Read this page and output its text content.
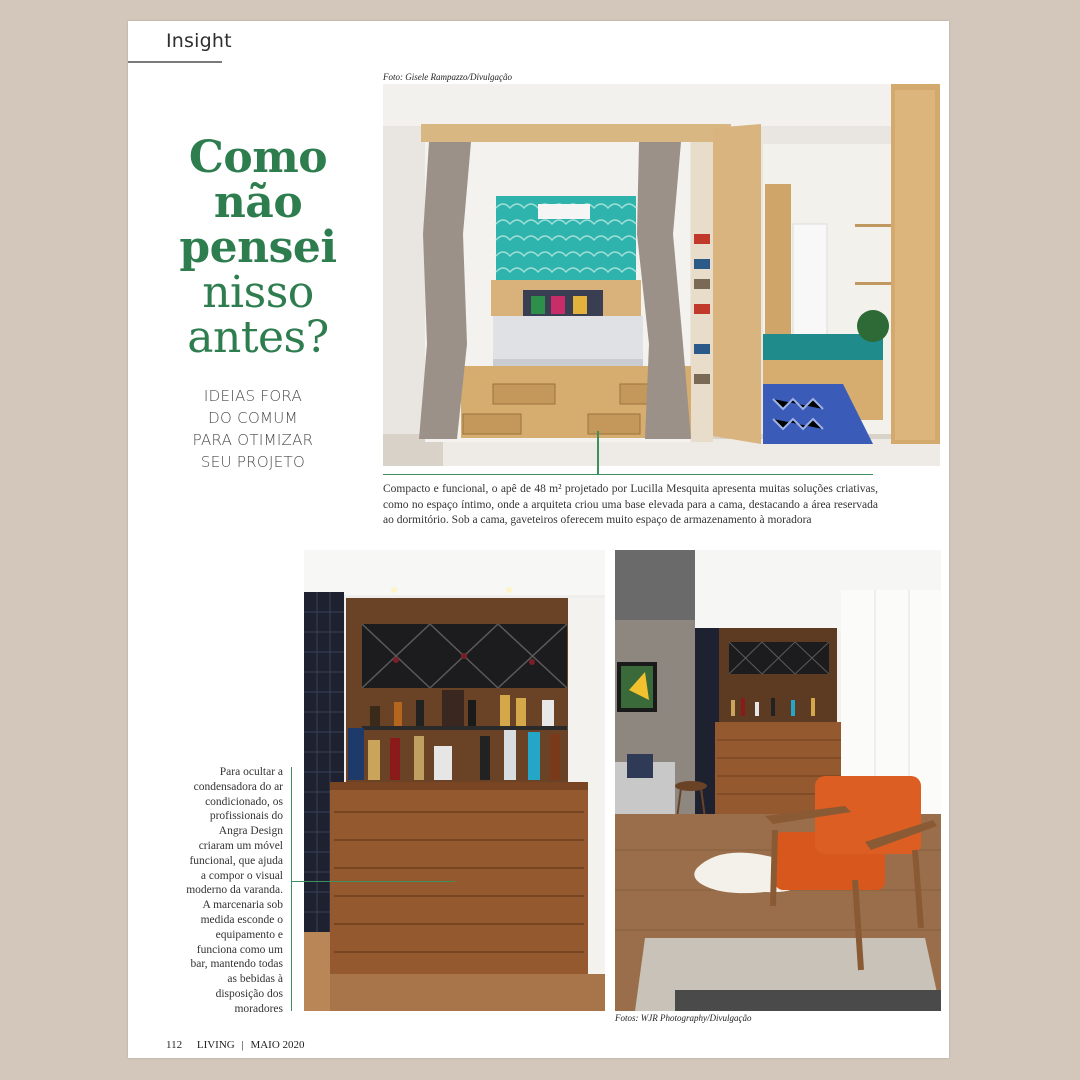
Insight
Foto: Gisele Rampazzo/Divulgação
Como
não
pensei
nisso
antes?
IDEIAS FORA
DO COMUM
PARA OTIMIZAR
SEU PROJETO
Compacto e funcional, o apê de 48 m² projetado por Lucilla Mesquita apresenta muitas soluções criativas, como no espaço íntimo, onde a arquiteta criou uma base elevada para a cama, destacando a área reservada ao dormitório. Sob a cama, gaveteiros oferecem muito espaço de armazenamento à moradora
Fotos: WJR Photography/Divulgação
Para ocultar a condensadora do ar condicionado, os profissionais do Angra Design criaram um móvel funcional, que ajuda a compor o visual moderno da varanda. A marcenaria sob medida esconde o equipamento e funciona como um bar, mantendo todas as bebidas à disposição dos moradores
112 LIVING | MAIO 2020
